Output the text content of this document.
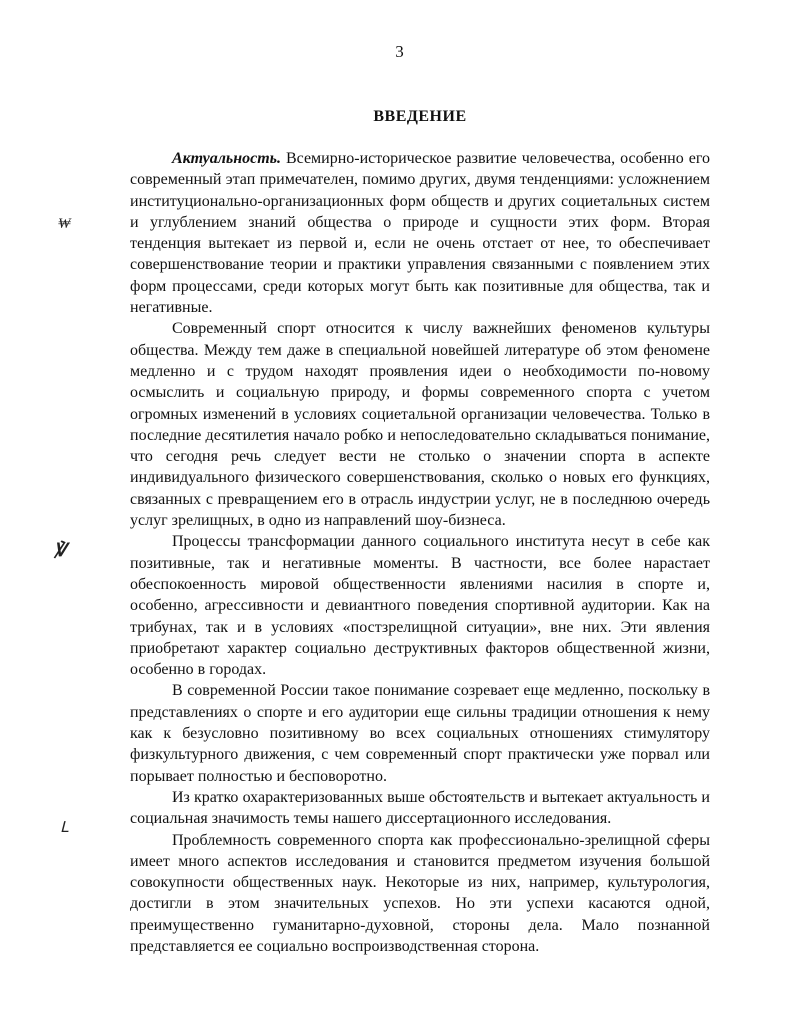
3
ВВЕДЕНИЕ
₩
℣
ᒪ

Актуальность. Всемирно-историческое развитие человечества, особенно его современный этап примечателен, помимо других, двумя тенденциями: усложнением институционально-организационных форм обществ и других социетальных систем и углублением знаний общества о природе и сущности этих форм. Вторая тенденция вытекает из первой и, если не очень отстает от нее, то обеспечивает совершенствование теории и практики управления связанными с появлением этих форм процессами, среди которых могут быть как позитивные для общества, так и негативные.

Современный спорт относится к числу важнейших феноменов культуры общества. Между тем даже в специальной новейшей литературе об этом феномене медленно и с трудом находят проявления идеи о необходимости по-новому осмыслить и социальную природу, и формы современного спорта с учетом огромных изменений в условиях социетальной организации человечества. Только в последние десятилетия начало робко и непоследовательно складываться понимание, что сегодня речь следует вести не столько о значении спорта в аспекте индивидуального физического совершенствования, сколько о новых его функциях, связанных с превращением его в отрасль индустрии услуг, не в последнюю очередь услуг зрелищных, в одно из направлений шоу-бизнеса.

Процессы трансформации данного социального института несут в себе как позитивные, так и негативные моменты. В частности, все более нарастает обеспокоенность мировой общественности явлениями насилия в спорте и, особенно, агрессивности и девиантного поведения спортивной аудитории. Как на трибунах, так и в условиях «постзрелищной ситуации», вне них. Эти явления приобретают характер социально деструктивных факторов общественной жизни, особенно в городах.

В современной России такое понимание созревает еще медленно, поскольку в представлениях о спорте и его аудитории еще сильны традиции отношения к нему как к безусловно позитивному во всех социальных отношениях стимулятору физкультурного движения, с чем современный спорт практически уже порвал или порывает полностью и бесповоротно.

Из кратко охарактеризованных выше обстоятельств и вытекает актуальность и социальная значимость темы нашего диссертационного исследования.

Проблемность современного спорта как профессионально-зрелищной сферы имеет много аспектов исследования и становится предметом изучения большой совокупности общественных наук. Некоторые из них, например, культурология, достигли в этом значительных успехов. Но эти успехи касаются одной, преимущественно гуманитарно-духовной, стороны дела. Мало познанной представляется ее социально воспроизводственная сторона.
